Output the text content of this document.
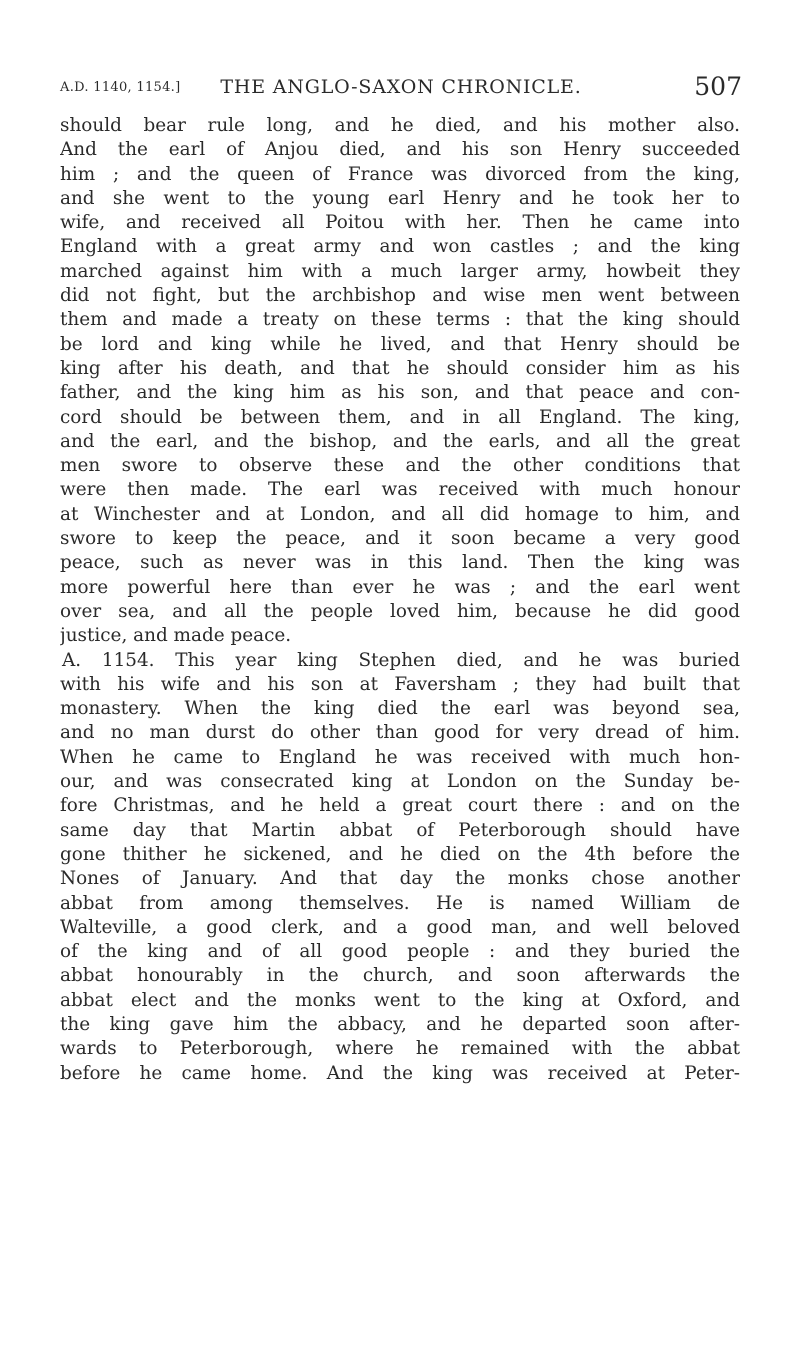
A.D. 1140, 1154.]	THE ANGLO-SAXON CHRONICLE.	507
should bear rule long, and he died, and his mother also.
And the earl of Anjou died, and his son Henry succeeded
him ; and the queen of France was divorced from the king,
and she went to the young earl Henry and he took her to
wife, and received all Poitou with her. Then he came into
England with a great army and won castles ; and the king
marched against him with a much larger army, howbeit they
did not fight, but the archbishop and wise men went between
them and made a treaty on these terms : that the king should
be lord and king while he lived, and that Henry should be
king after his death, and that he should consider him as his
father, and the king him as his son, and that peace and con-
cord should be between them, and in all England. The king,
and the earl, and the bishop, and the earls, and all the great
men swore to observe these and the other conditions that
were then made. The earl was received with much honour
at Winchester and at London, and all did homage to him, and
swore to keep the peace, and it soon became a very good
peace, such as never was in this land. Then the king was
more powerful here than ever he was ; and the earl went
over sea, and all the people loved him, because he did good
justice, and made peace.
A. 1154. This year king Stephen died, and he was buried
with his wife and his son at Faversham ; they had built that
monastery. When the king died the earl was beyond sea,
and no man durst do other than good for very dread of him.
When he came to England he was received with much hon-
our, and was consecrated king at London on the Sunday be-
fore Christmas, and he held a great court there : and on the
same day that Martin abbat of Peterborough should have
gone thither he sickened, and he died on the 4th before the
Nones of January. And that day the monks chose another
abbat from among themselves. He is named William de
Walteville, a good clerk, and a good man, and well beloved
of the king and of all good people : and they buried the
abbat honourably in the church, and soon afterwards the
abbat elect and the monks went to the king at Oxford, and
the king gave him the abbacy, and he departed soon after-
wards to Peterborough, where he remained with the abbat
before he came home. And the king was received at Peter-
